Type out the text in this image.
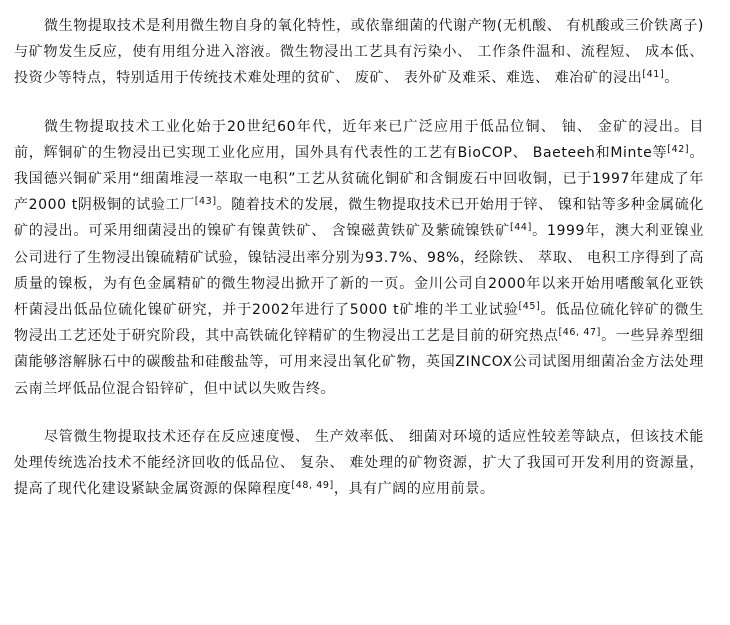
微生物提取技术是利用微生物自身的氧化特性，或依靠细菌的代谢产物(无机酸、 有机酸或三价铁离子)与矿物发生反应，使有用组分进入溶液。微生物浸出工艺具有污染小、 工作条件温和、流程短、 成本低、 投资少等特点，特别适用于传统技术难处理的贫矿、 废矿、 表外矿及难采、难选、 难冶矿的浸出[41]。

微生物提取技术工业化始于20世纪60年代，近年来已广泛应用于低品位铜、 铀、 金矿的浸出。目前，辉铜矿的生物浸出已实现工业化应用，国外具有代表性的工艺有BioCOP、 Baeteeh和Minte等[42]。我国德兴铜矿采用“细菌堆浸一萃取一电积”工艺从贫硫化铜矿和含铜废石中回收铜，已于1997年建成了年产2000 t阴极铜的试验工厂[43]。随着技术的发展，微生物提取技术已开始用于锌、 镍和钴等多种金属硫化矿的浸出。可采用细菌浸出的镍矿有镍黄铁矿、 含镍磁黄铁矿及紫硫镍铁矿[44]。1999年，澳大利亚镍业公司进行了生物浸出镍硫精矿试验，镍钴浸出率分别为93.7%、98%，经除铁、 萃取、 电积工序得到了高质量的镍板，为有色金属精矿的微生物浸出掀开了新的一页。金川公司自2000年以来开始用嗜酸氧化亚铁杆菌浸出低品位硫化镍矿研究，并于2002年进行了5000 t矿堆的半工业试验[45]。低品位硫化锌矿的微生物浸出工艺还处于研究阶段，其中高铁硫化锌精矿的生物浸出工艺是目前的研究热点[46, 47]。一些异养型细菌能够溶解脉石中的碳酸盐和硅酸盐等，可用来浸出氧化矿物，英国ZINCOX公司试图用细菌冶金方法处理云南兰坪低品位混合铅锌矿，但中试以失败告终。

尽管微生物提取技术还存在反应速度慢、 生产效率低、 细菌对环境的适应性较差等缺点，但该技术能处理传统选冶技术不能经济回收的低品位、 复杂、 难处理的矿物资源，扩大了我国可开发利用的资源量，提高了现代化建设紧缺金属资源的保障程度[48, 49]，具有广阔的应用前景。
